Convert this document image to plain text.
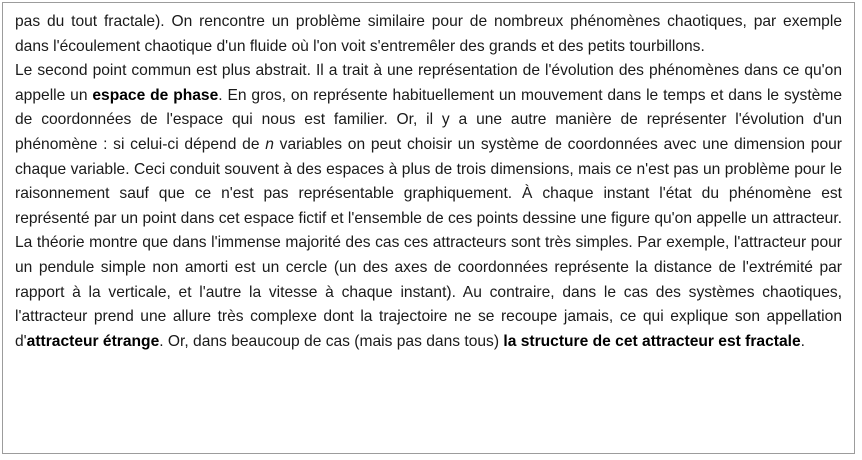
pas du tout fractale). On rencontre un problème similaire pour de nombreux phénomènes chaotiques, par exemple dans l'écoulement chaotique d'un fluide où l'on voit s'entremêler des grands et des petits tourbillons.

Le second point commun est plus abstrait. Il a trait à une représentation de l'évolution des phénomènes dans ce qu'on appelle un espace de phase. En gros, on représente habituellement un mouvement dans le temps et dans le système de coordonnées de l'espace qui nous est familier. Or, il y a une autre manière de représenter l'évolution d'un phénomène : si celui-ci dépend de n variables on peut choisir un système de coordonnées avec une dimension pour chaque variable. Ceci conduit souvent à des espaces à plus de trois dimensions, mais ce n'est pas un problème pour le raisonnement sauf que ce n'est pas représentable graphiquement. À chaque instant l'état du phénomène est représenté par un point dans cet espace fictif et l'ensemble de ces points dessine une figure qu'on appelle un attracteur. La théorie montre que dans l'immense majorité des cas ces attracteurs sont très simples. Par exemple, l'attracteur pour un pendule simple non amorti est un cercle (un des axes de coordonnées représente la distance de l'extrémité par rapport à la verticale, et l'autre la vitesse à chaque instant). Au contraire, dans le cas des systèmes chaotiques, l'attracteur prend une allure très complexe dont la trajectoire ne se recoupe jamais, ce qui explique son appellation d'attracteur étrange. Or, dans beaucoup de cas (mais pas dans tous) la structure de cet attracteur est fractale.
